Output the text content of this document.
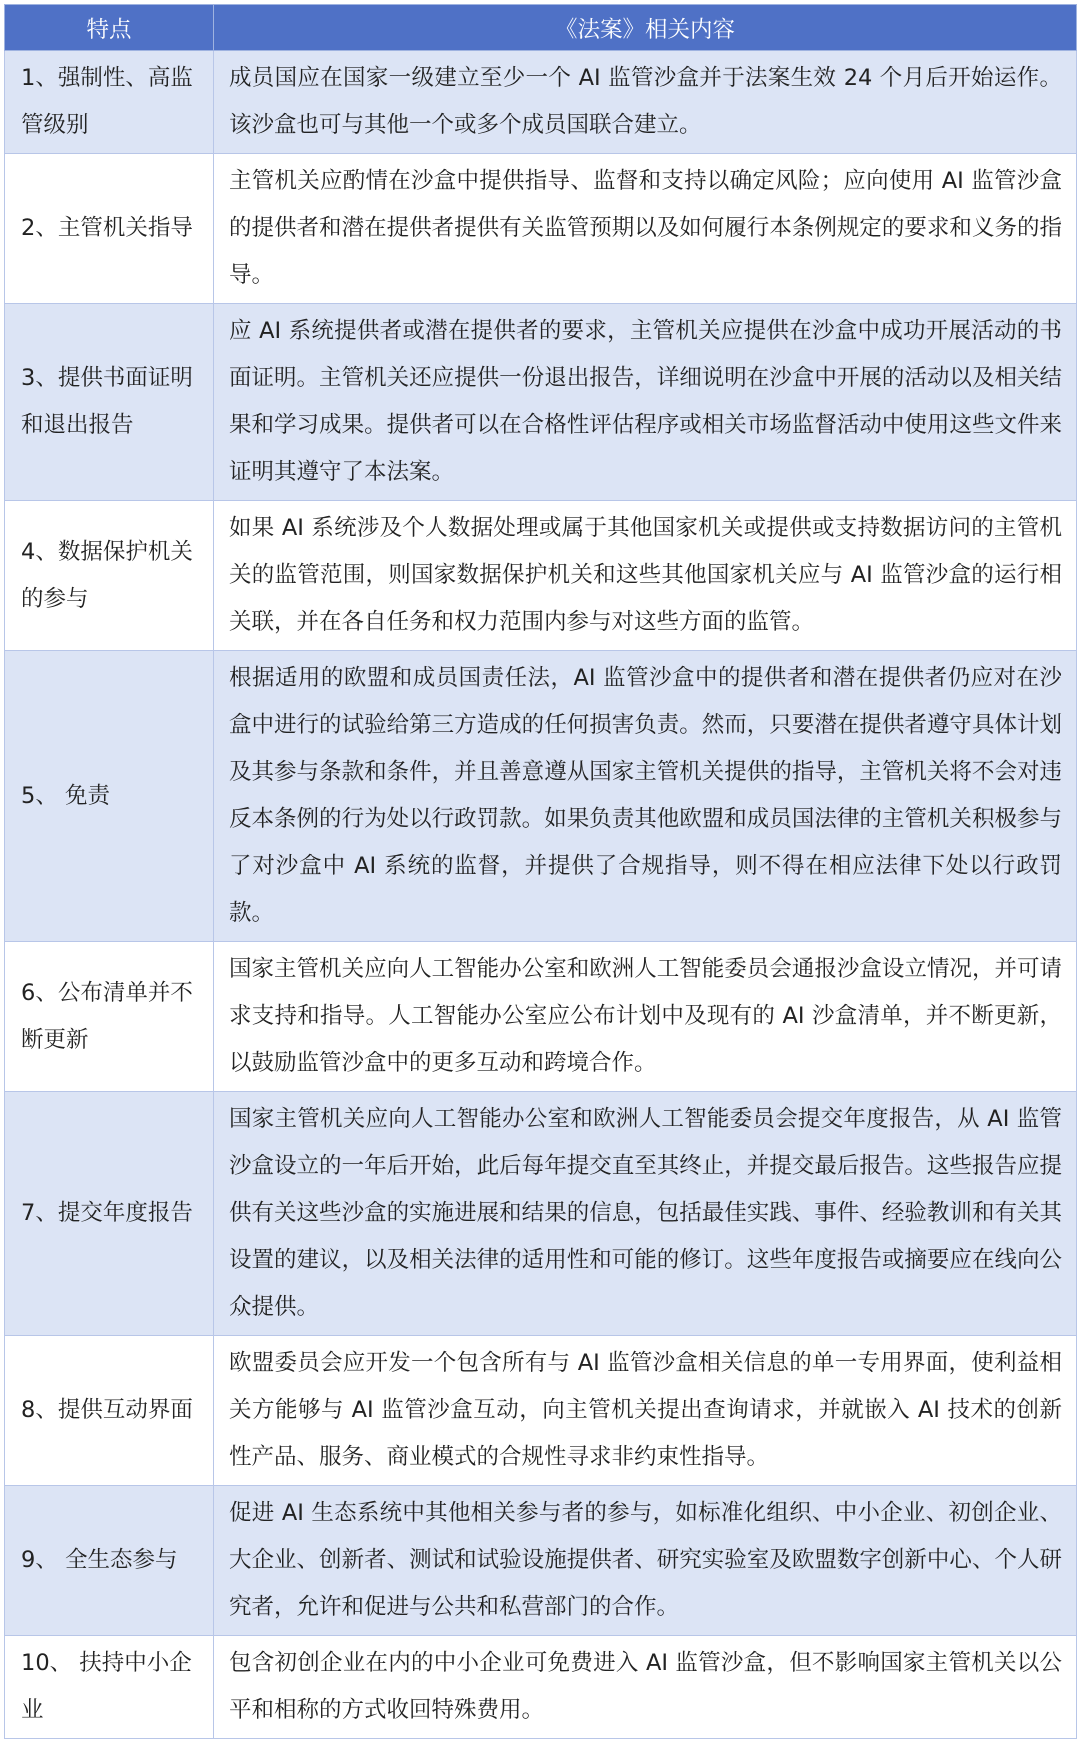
特点	《法案》相关内容
1、强制性、高监管级别	成员国应在国家一级建立至少一个 AI 监管沙盒并于法案生效 24 个月后开始运作。该沙盒也可与其他一个或多个成员国联合建立。
2、主管机关指导	主管机关应酌情在沙盒中提供指导、监督和支持以确定风险；应向使用 AI 监管沙盒的提供者和潜在提供者提供有关监管预期以及如何履行本条例规定的要求和义务的指导。
3、提供书面证明和退出报告	应 AI 系统提供者或潜在提供者的要求，主管机关应提供在沙盒中成功开展活动的书面证明。主管机关还应提供一份退出报告，详细说明在沙盒中开展的活动以及相关结果和学习成果。提供者可以在合格性评估程序或相关市场监督活动中使用这些文件来证明其遵守了本法案。
4、数据保护机关的参与	如果 AI 系统涉及个人数据处理或属于其他国家机关或提供或支持数据访问的主管机关的监管范围，则国家数据保护机关和这些其他国家机关应与 AI 监管沙盒的运行相关联，并在各自任务和权力范围内参与对这些方面的监管。
5、 免责	根据适用的欧盟和成员国责任法，AI 监管沙盒中的提供者和潜在提供者仍应对在沙盒中进行的试验给第三方造成的任何损害负责。然而，只要潜在提供者遵守具体计划及其参与条款和条件，并且善意遵从国家主管机关提供的指导，主管机关将不会对违反本条例的行为处以行政罚款。如果负责其他欧盟和成员国法律的主管机关积极参与了对沙盒中 AI 系统的监督，并提供了合规指导，则不得在相应法律下处以行政罚款。
6、公布清单并不断更新	国家主管机关应向人工智能办公室和欧洲人工智能委员会通报沙盒设立情况，并可请求支持和指导。人工智能办公室应公布计划中及现有的 AI 沙盒清单，并不断更新，以鼓励监管沙盒中的更多互动和跨境合作。
7、提交年度报告	国家主管机关应向人工智能办公室和欧洲人工智能委员会提交年度报告，从 AI 监管沙盒设立的一年后开始，此后每年提交直至其终止，并提交最后报告。这些报告应提供有关这些沙盒的实施进展和结果的信息，包括最佳实践、事件、经验教训和有关其设置的建议，以及相关法律的适用性和可能的修订。这些年度报告或摘要应在线向公众提供。
8、提供互动界面	欧盟委员会应开发一个包含所有与 AI 监管沙盒相关信息的单一专用界面，使利益相关方能够与 AI 监管沙盒互动，向主管机关提出查询请求，并就嵌入 AI 技术的创新性产品、服务、商业模式的合规性寻求非约束性指导。
9、 全生态参与	促进 AI 生态系统中其他相关参与者的参与，如标准化组织、中小企业、初创企业、大企业、创新者、测试和试验设施提供者、研究实验室及欧盟数字创新中心、个人研究者，允许和促进与公共和私营部门的合作。
10、 扶持中小企业	包含初创企业在内的中小企业可免费进入 AI 监管沙盒，但不影响国家主管机关以公平和相称的方式收回特殊费用。
